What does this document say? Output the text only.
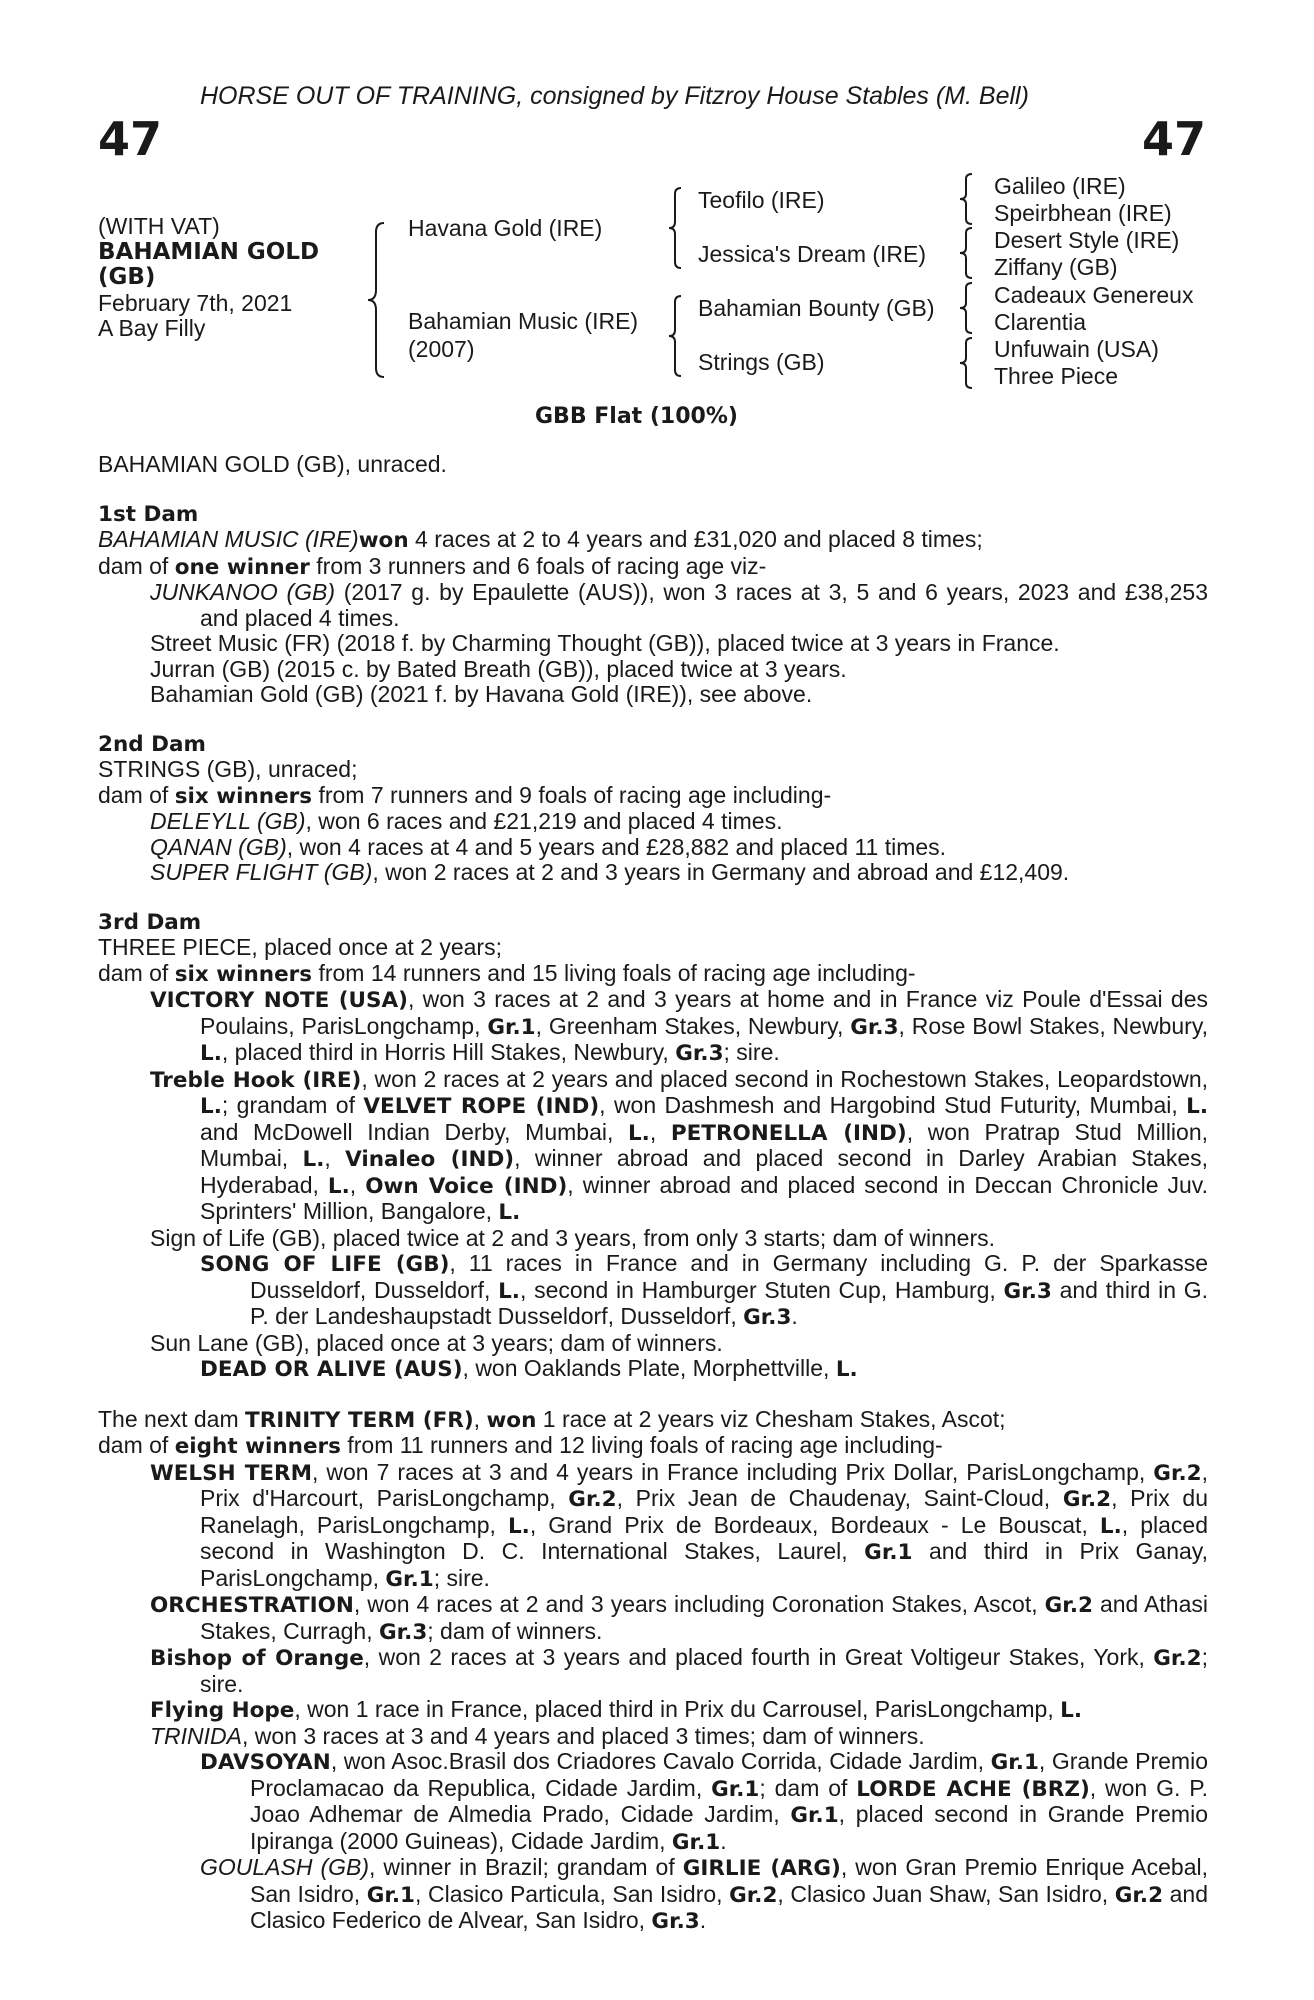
HORSE OUT OF TRAINING, consigned by Fitzroy House Stables (M. Bell)
47	47
(WITH VAT)
BAHAMIAN GOLD
(GB)
February 7th, 2021
A Bay Filly
Havana Gold (IRE)
Bahamian Music (IRE)
(2007)
Teofilo (IRE)
Jessica's Dream (IRE)
Bahamian Bounty (GB)
Strings (GB)
Galileo (IRE)
Speirbhean (IRE)
Desert Style (IRE)
Ziffany (GB)
Cadeaux Genereux
Clarentia
Unfuwain (USA)
Three Piece
GBB Flat (100%)

BAHAMIAN GOLD (GB), unraced.

1st Dam

BAHAMIAN MUSIC (IRE)won 4 races at 2 to 4 years and £31,020 and placed 8 times;

dam of one winner from 3 runners and 6 foals of racing age viz-

JUNKANOO (GB) (2017 g. by Epaulette (AUS)), won 3 races at 3, 5 and 6 years, 2023 and £38,253 and placed 4 times.

Street Music (FR) (2018 f. by Charming Thought (GB)), placed twice at 3 years in France.

Jurran (GB) (2015 c. by Bated Breath (GB)), placed twice at 3 years.

Bahamian Gold (GB) (2021 f. by Havana Gold (IRE)), see above.

2nd Dam

STRINGS (GB), unraced;

dam of six winners from 7 runners and 9 foals of racing age including-

DELEYLL (GB), won 6 races and £21,219 and placed 4 times.

QANAN (GB), won 4 races at 4 and 5 years and £28,882 and placed 11 times.

SUPER FLIGHT (GB), won 2 races at 2 and 3 years in Germany and abroad and £12,409.

3rd Dam

THREE PIECE, placed once at 2 years;

dam of six winners from 14 runners and 15 living foals of racing age including-

VICTORY NOTE (USA), won 3 races at 2 and 3 years at home and in France viz Poule d'Essai des Poulains, ParisLongchamp, Gr.1, Greenham Stakes, Newbury, Gr.3, Rose Bowl Stakes, Newbury, L., placed third in Horris Hill Stakes, Newbury, Gr.3; sire.

Treble Hook (IRE), won 2 races at 2 years and placed second in Rochestown Stakes, Leopardstown, L.; grandam of VELVET ROPE (IND), won Dashmesh and Hargobind Stud Futurity, Mumbai, L. and McDowell Indian Derby, Mumbai, L., PETRONELLA (IND), won Pratrap Stud Million, Mumbai, L., Vinaleo (IND), winner abroad and placed second in Darley Arabian Stakes, Hyderabad, L., Own Voice (IND), winner abroad and placed second in Deccan Chronicle Juv. Sprinters' Million, Bangalore, L.

Sign of Life (GB), placed twice at 2 and 3 years, from only 3 starts; dam of winners.

SONG OF LIFE (GB), 11 races in France and in Germany including G. P. der Sparkasse Dusseldorf, Dusseldorf, L., second in Hamburger Stuten Cup, Hamburg, Gr.3 and third in G. P. der Landeshaupstadt Dusseldorf, Dusseldorf, Gr.3.

Sun Lane (GB), placed once at 3 years; dam of winners.

DEAD OR ALIVE (AUS), won Oaklands Plate, Morphettville, L.

The next dam TRINITY TERM (FR), won 1 race at 2 years viz Chesham Stakes, Ascot;

dam of eight winners from 11 runners and 12 living foals of racing age including-

WELSH TERM, won 7 races at 3 and 4 years in France including Prix Dollar, ParisLongchamp, Gr.2, Prix d'Harcourt, ParisLongchamp, Gr.2, Prix Jean de Chaudenay, Saint-Cloud, Gr.2, Prix du Ranelagh, ParisLongchamp, L., Grand Prix de Bordeaux, Bordeaux - Le Bouscat, L., placed second in Washington D. C. International Stakes, Laurel, Gr.1 and third in Prix Ganay, ParisLongchamp, Gr.1; sire.

ORCHESTRATION, won 4 races at 2 and 3 years including Coronation Stakes, Ascot, Gr.2 and Athasi Stakes, Curragh, Gr.3; dam of winners.

Bishop of Orange, won 2 races at 3 years and placed fourth in Great Voltigeur Stakes, York, Gr.2; sire.

Flying Hope, won 1 race in France, placed third in Prix du Carrousel, ParisLongchamp, L.

TRINIDA, won 3 races at 3 and 4 years and placed 3 times; dam of winners.

DAVSOYAN, won Asoc.Brasil dos Criadores Cavalo Corrida, Cidade Jardim, Gr.1, Grande Premio Proclamacao da Republica, Cidade Jardim, Gr.1; dam of LORDE ACHE (BRZ), won G. P. Joao Adhemar de Almedia Prado, Cidade Jardim, Gr.1, placed second in Grande Premio Ipiranga (2000 Guineas), Cidade Jardim, Gr.1.

GOULASH (GB), winner in Brazil; grandam of GIRLIE (ARG), won Gran Premio Enrique Acebal, San Isidro, Gr.1, Clasico Particula, San Isidro, Gr.2, Clasico Juan Shaw, San Isidro, Gr.2 and Clasico Federico de Alvear, San Isidro, Gr.3.
